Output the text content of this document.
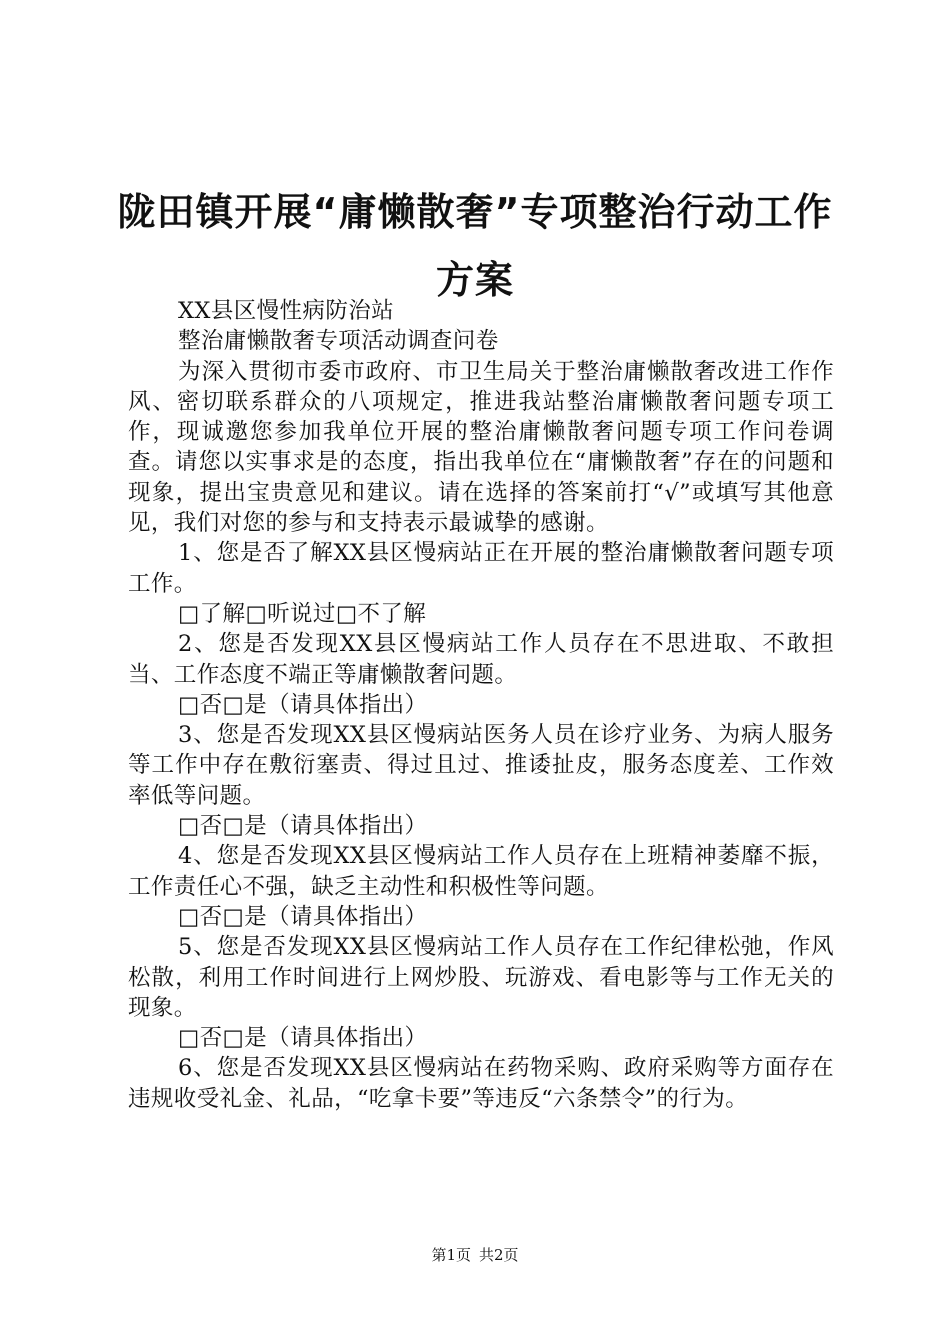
陇田镇开展“庸懒散奢”专项整治行动工作方案

XX县区慢性病防治站

整治庸懒散奢专项活动调查问卷

为深入贯彻市委市政府、市卫生局关于整治庸懒散奢改进工作作风、密切联系群众的八项规定，推进我站整治庸懒散奢问题专项工作，现诚邀您参加我单位开展的整治庸懒散奢问题专项工作问卷调查。请您以实事求是的态度，指出我单位在“庸懒散奢”存在的问题和现象，提出宝贵意见和建议。请在选择的答案前打“√”或填写其他意见，我们对您的参与和支持表示最诚挚的感谢。

1、您是否了解XX县区慢病站正在开展的整治庸懒散奢问题专项工作。

□了解□听说过□不了解

2、您是否发现XX县区慢病站工作人员存在不思进取、不敢担当、工作态度不端正等庸懒散奢问题。

□否□是（请具体指出）

3、您是否发现XX县区慢病站医务人员在诊疗业务、为病人服务等工作中存在敷衍塞责、得过且过、推诿扯皮，服务态度差、工作效率低等问题。

□否□是（请具体指出）

4、您是否发现XX县区慢病站工作人员存在上班精神萎靡不振，工作责任心不强，缺乏主动性和积极性等问题。

□否□是（请具体指出）

5、您是否发现XX县区慢病站工作人员存在工作纪律松弛，作风松散，利用工作时间进行上网炒股、玩游戏、看电影等与工作无关的现象。

□否□是（请具体指出）

6、您是否发现XX县区慢病站在药物采购、政府采购等方面存在违规收受礼金、礼品，“吃拿卡要”等违反“六条禁令”的行为。

第1页 共2页
